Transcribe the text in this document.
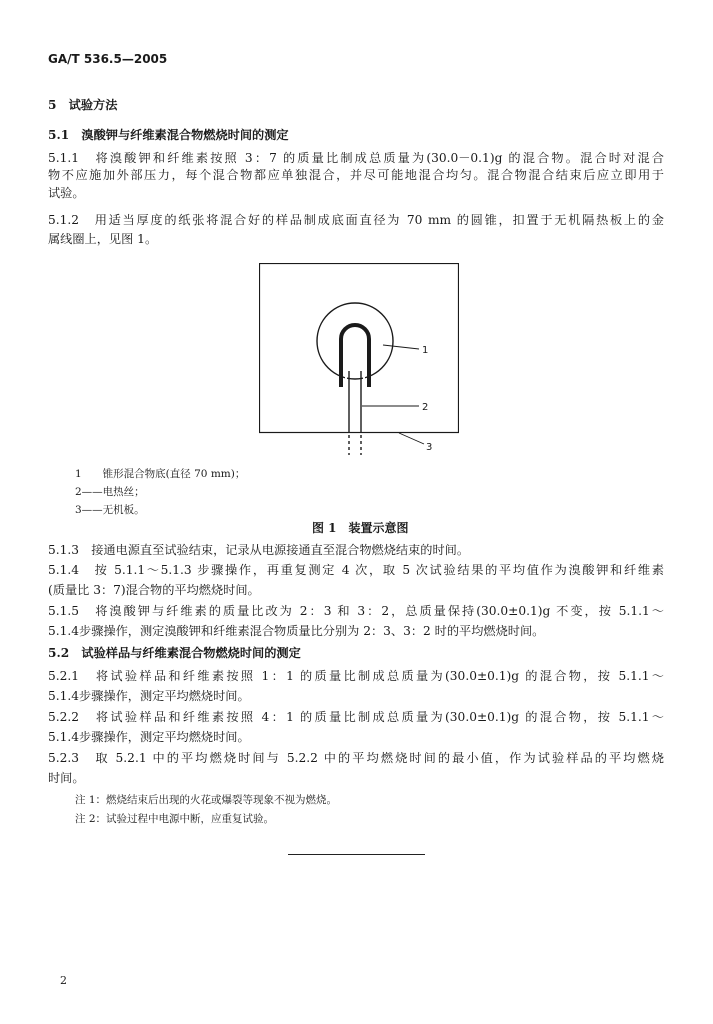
GA/T 536.5—2005
5　试验方法
5.1　溴酸钾与纤维素混合物燃烧时间的测定
5.1.1　将溴酸钾和纤维素按照 3：7 的质量比制成总质量为(30.0－0.1)g 的混合物。混合时对混合
物不应施加外部压力，每个混合物都应单独混合，并尽可能地混合均匀。混合物混合结束后应立即用于
试验。
5.1.2　用适当厚度的纸张将混合好的样品制成底面直径为 70 mm 的圆锥，扣置于无机隔热板上的金
属线圈上，见图 1。
1
2
3
1　　锥形混合物底(直径 70 mm)；
2——电热丝；
3——无机板。
图 1　装置示意图
5.1.3　接通电源直至试验结束，记录从电源接通直至混合物燃烧结束的时间。
5.1.4　按 5.1.1～5.1.3 步骤操作，再重复测定 4 次，取 5 次试验结果的平均值作为溴酸钾和纤维素
(质量比 3：7)混合物的平均燃烧时间。
5.1.5　将溴酸钾与纤维素的质量比改为 2：3 和 3：2，总质量保持(30.0±0.1)g 不变，按 5.1.1～
5.1.4步骤操作，测定溴酸钾和纤维素混合物质量比分别为 2：3、3：2 时的平均燃烧时间。
5.2　试验样品与纤维素混合物燃烧时间的测定
5.2.1　将试验样品和纤维素按照 1：1 的质量比制成总质量为(30.0±0.1)g 的混合物，按 5.1.1～
5.1.4步骤操作，测定平均燃烧时间。
5.2.2　将试验样品和纤维素按照 4：1 的质量比制成总质量为(30.0±0.1)g 的混合物，按 5.1.1～
5.1.4步骤操作，测定平均燃烧时间。
5.2.3　取 5.2.1 中的平均燃烧时间与 5.2.2 中的平均燃烧时间的最小值，作为试验样品的平均燃烧
时间。
注 1：燃烧结束后出现的火花或爆裂等现象不视为燃烧。
注 2：试验过程中电源中断，应重复试验。
2
